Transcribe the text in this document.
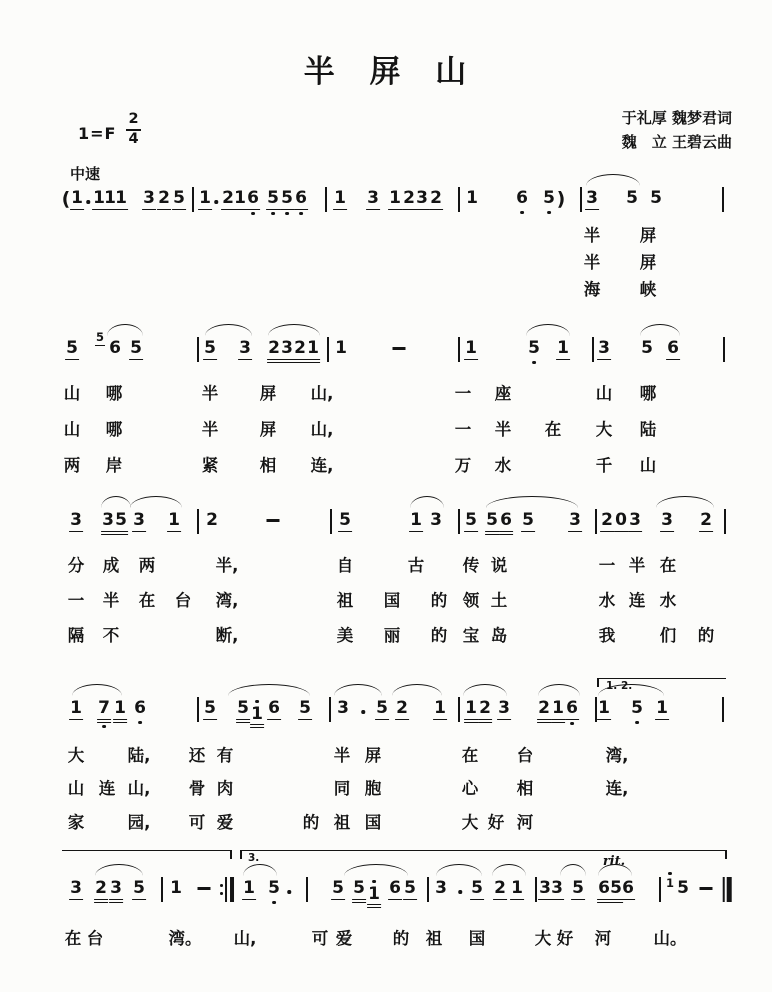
半 屏 山
1=F
2
4
于礼厚 魏梦君词
魏　立 王碧云曲
中速
( 1 1 1 1 3 2 5 1 2 1 6 5 5 6 1 3 1 2 3 2 1 6 5 ) 3 5 5
半 屏
半 屏
海 峡
5
5
6 5	5 3 2 3 2 1 1	1	5 1 3 5 6
山 哪	半	屏 山,	一 座	山 哪
山 哪	半	屏 山,	一 半 在 大 陆
两 岸	紧	相 连,	万 水	千 山
3 3 5 3 1 2	5	1 3 5 5 6 5 3 2 0 3 3 2
分 成 两	半,	自	古 传 说	一 半 在
一 半 在 台 湾,	祖 国 的 领 土	水 连 水
隔 不	断,	美 丽 的 宝 岛	我	们 的
1 7 1 6	5 5 1 6 5 3 5 2 1 1 2 3 2 1 6 1 5 1
1. 2.
大	陆, 还 有	半 屏	在 台	湾,
山 连 山, 骨 肉	同 胞	心 相	连,
家	园, 可 爱	的 祖 国	大 好 河
3 2 3 5 1	1 5	5 5 1 6 5 3 5 2 1 3 3 5 6 5 6	1 5
3.	rit.
在 台	湾。 山,	可 爱 的 祖 国	大 好 河	山。
